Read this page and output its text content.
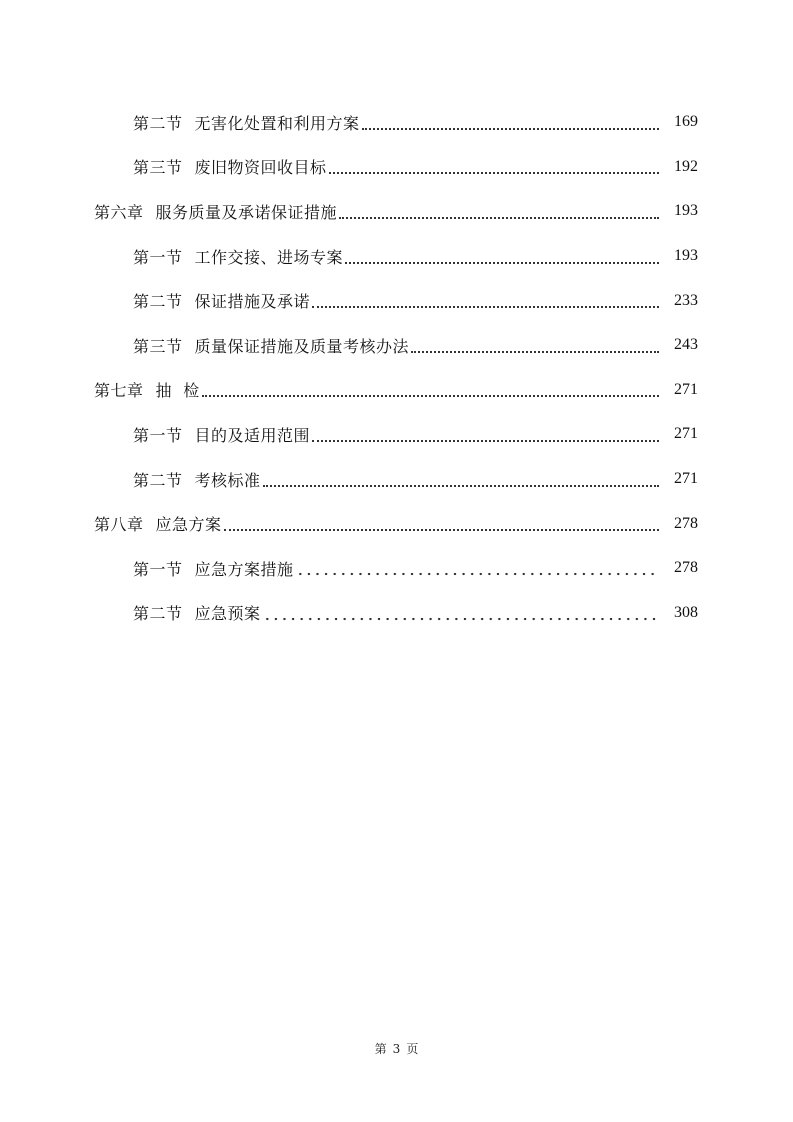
第二节 无害化处置和利用方案	169
第三节 废旧物资回收目标	192
第六章 服务质量及承诺保证措施	193
第一节 工作交接、进场专案	193
第二节 保证措施及承诺	233
第三节 质量保证措施及质量考核办法	243
第七章 抽  检	271
第一节 目的及适用范围	271
第二节 考核标准	271
第八章 应急方案	278
第一节 应急方案措施	278
第二节 应急预案	308
第 3 页
